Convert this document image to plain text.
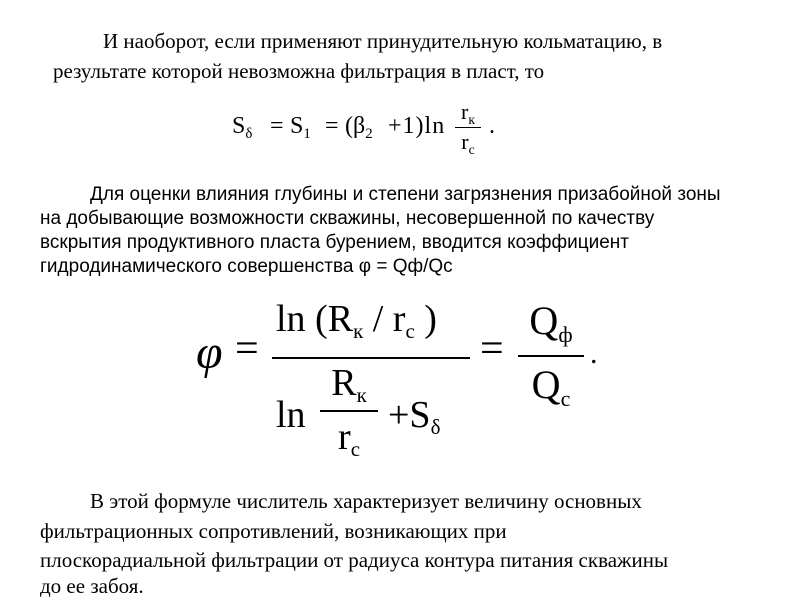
И наоборот, если применяют принудительную кольматацию, в
результате которой невозможна фильтрация в пласт, то
$S_\delta = S_1 = (\beta_2 +1)\ln$
$r_к$
$r_с$
.
Для оценки влияния глубины и степени загрязнения призабойной зоны
на добывающие возможности скважины, несовершенной по качеству
вскрытия продуктивного пласта бурением, вводится коэффициент
гидродинамического совершенства φ = Qф/Qс
φ =
ln (Rк / rс )
ln
Rк
rс
+Sδ
=
Qф
Qс
.
В этой формуле числитель характеризует величину основных
фильтрационных сопротивлений, возникающих при
плоскорадиальной фильтрации от радиуса контура питания скважины
до ее забоя.
